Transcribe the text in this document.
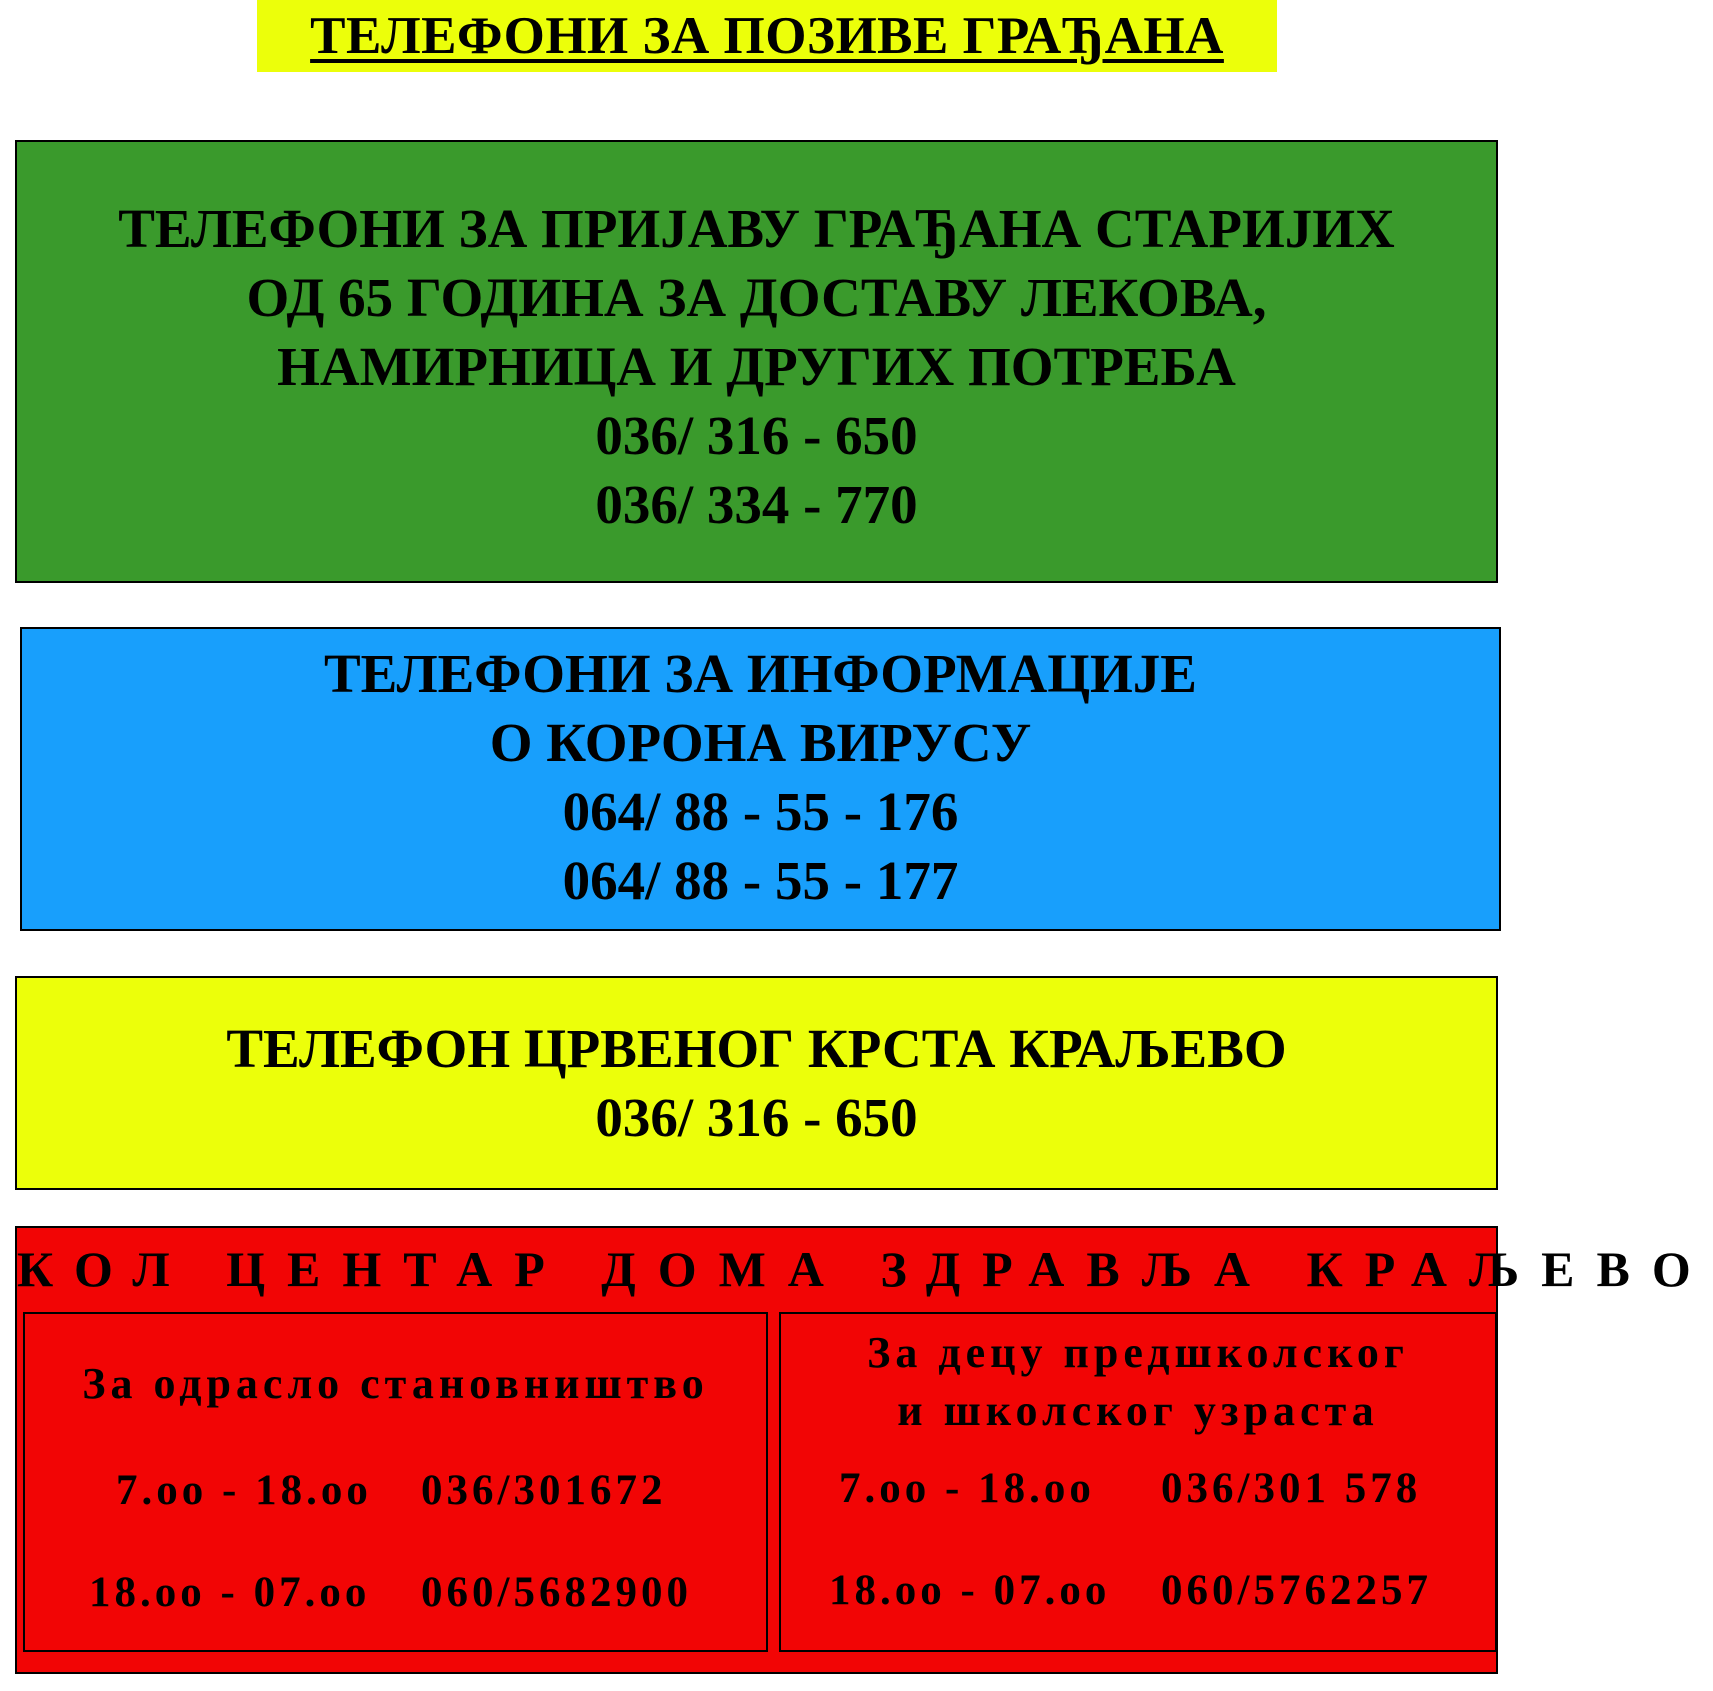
ТЕЛЕФОНИ ЗА ПОЗИВЕ ГРАЂАНА
ТЕЛЕФОНИ ЗА ПРИЈАВУ ГРАЂАНА СТАРИЈИХ
ОД 65 ГОДИНА ЗА ДОСТАВУ ЛЕКОВА,
НАМИРНИЦА И ДРУГИХ ПОТРЕБА
036/ 316 - 650
036/ 334 - 770
ТЕЛЕФОНИ ЗА ИНФОРМАЦИЈЕ
О КОРОНА ВИРУСУ
064/ 88 - 55 - 176
064/ 88 - 55 - 177
ТЕЛЕФОН ЦРВЕНОГ КРСТА КРАЉЕВО
036/ 316 - 650
КОЛ ЦЕНТАР ДОМА ЗДРАВЉА КРАЉЕВО
За одрасло становништво
7.оо - 18.оо 036/301672
18.оо - 07.оо 060/5682900
За децу предшколског
и школског узраста
7.оо - 18.оо 036/301 578
18.оо - 07.оо 060/5762257
